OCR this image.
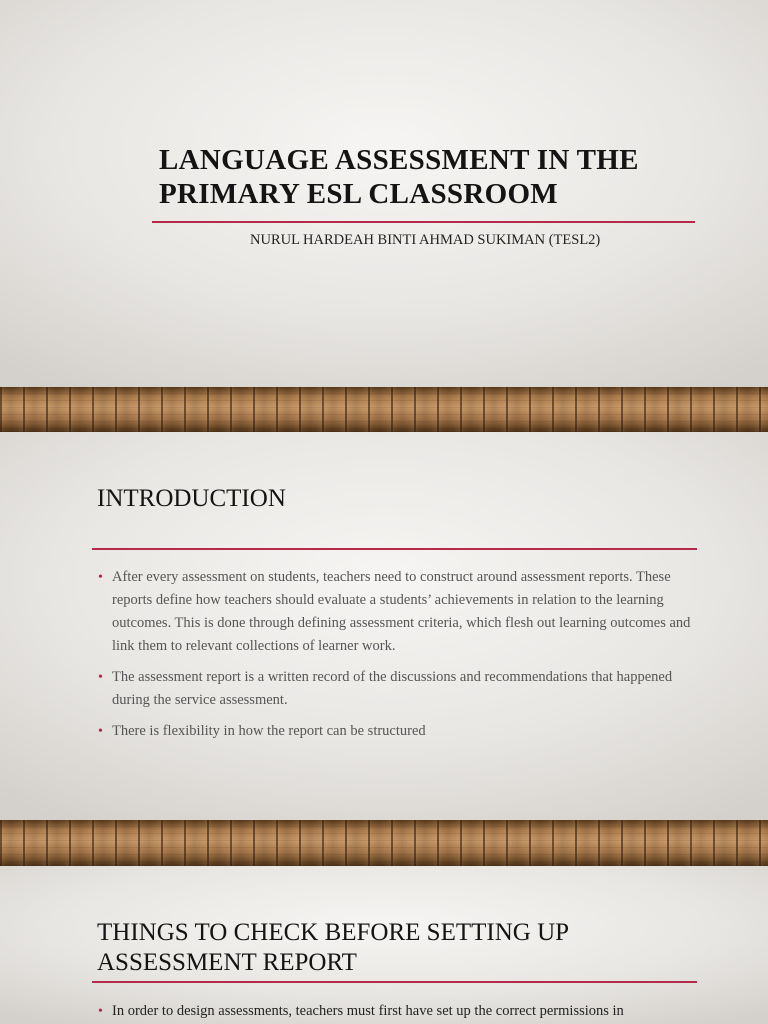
LANGUAGE ASSESSMENT IN THE PRIMARY ESL CLASSROOM

NURUL HARDEAH BINTI AHMAD SUKIMAN (TESL2)

INTRODUCTION
• After every assessment on students, teachers need to construct around assessment reports. These reports define how teachers should evaluate a students’ achievements in relation to the learning outcomes. This is done through defining assessment criteria, which flesh out learning outcomes and link them to relevant collections of learner work.
• The assessment report is a written record of the discussions and recommendations that happened during the service assessment.
• There is flexibility in how the report can be structured
THINGS TO CHECK BEFORE SETTING UP ASSESSMENT REPORT
• In order to design assessments, teachers must first have set up the correct permissions in
